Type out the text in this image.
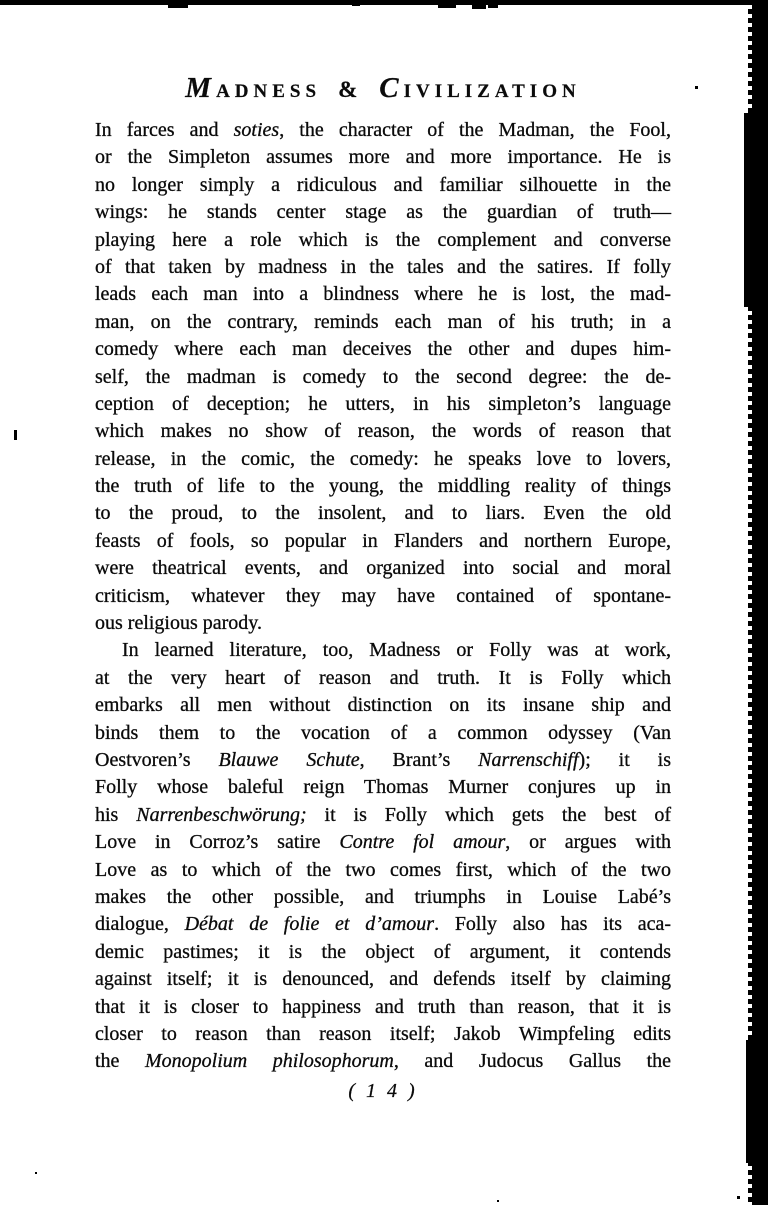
MADNESS & CIVILIZATION
In farces and soties, the character of the Madman, the Fool,
or the Simpleton assumes more and more importance. He is
no longer simply a ridiculous and familiar silhouette in the
wings: he stands center stage as the guardian of truth—
playing here a role which is the complement and converse
of that taken by madness in the tales and the satires. If folly
leads each man into a blindness where he is lost, the mad-
man, on the contrary, reminds each man of his truth; in a
comedy where each man deceives the other and dupes him-
self, the madman is comedy to the second degree: the de-
ception of deception; he utters, in his simpleton’s language
which makes no show of reason, the words of reason that
release, in the comic, the comedy: he speaks love to lovers,
the truth of life to the young, the middling reality of things
to the proud, to the insolent, and to liars. Even the old
feasts of fools, so popular in Flanders and northern Europe,
were theatrical events, and organized into social and moral
criticism, whatever they may have contained of spontane-
ous religious parody.
In learned literature, too, Madness or Folly was at work,
at the very heart of reason and truth. It is Folly which
embarks all men without distinction on its insane ship and
binds them to the vocation of a common odyssey (Van
Oestvoren’s Blauwe Schute, Brant’s Narrenschiff); it is
Folly whose baleful reign Thomas Murner conjures up in
his Narrenbeschwörung; it is Folly which gets the best of
Love in Corroz’s satire Contre fol amour, or argues with
Love as to which of the two comes first, which of the two
makes the other possible, and triumphs in Louise Labé’s
dialogue, Débat de folie et d’amour. Folly also has its aca-
demic pastimes; it is the object of argument, it contends
against itself; it is denounced, and defends itself by claiming
that it is closer to happiness and truth than reason, that it is
closer to reason than reason itself; Jakob Wimpfeling edits
the Monopolium philosophorum, and Judocus Gallus the
( 1 4 )
